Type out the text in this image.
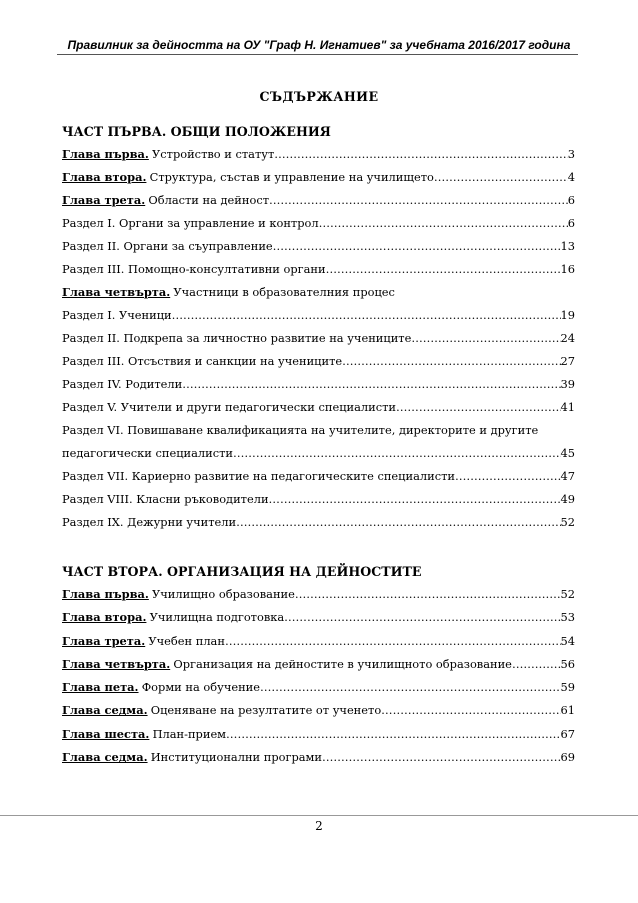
Правилник за дейността на ОУ "Граф Н. Игнатиев" за учебната 2016/2017 година
СЪДЪРЖАНИЕ
ЧАСТ ПЪРВА. ОБЩИ ПОЛОЖЕНИЯ
Глава първа. Устройство и статут …………………………………………………………………………………………………………………………………………………………	3
Глава втора. Структура, състав и управление на училището …………………………………………………………………………………………………………………………………………………………	4
Глава трета. Области на дейност …………………………………………………………………………………………………………………………………………………………	6
Раздел I. Органи за управление и контрол …………………………………………………………………………………………………………………………………………………………	6
Раздел II. Органи за съуправление …………………………………………………………………………………………………………………………………………………………	13
Раздел III. Помощно-консултативни органи …………………………………………………………………………………………………………………………………………………………	16
Глава четвърта. Участници в образователния процес
Раздел I. Ученици …………………………………………………………………………………………………………………………………………………………	19
Раздел II. Подкрепа за личностно развитие на учениците …………………………………………………………………………………………………………………………………………………………	24
Раздел III. Отсъствия и санкции на учениците …………………………………………………………………………………………………………………………………………………………	27
Раздел IV. Родители …………………………………………………………………………………………………………………………………………………………	39
Раздел V. Учители и други педагогически специалисти …………………………………………………………………………………………………………………………………………………………	41
Раздел VI. Повишаване квалификацията на учителите, директорите и другите
педагогически специалисти …………………………………………………………………………………………………………………………………………………………	45
Раздел VII. Кариерно развитие на педагогическите специалисти …………………………………………………………………………………………………………………………………………………………	47
Раздел VIII. Класни ръководители …………………………………………………………………………………………………………………………………………………………	49
Раздел IX. Дежурни учители …………………………………………………………………………………………………………………………………………………………	52
ЧАСТ ВТОРА. ОРГАНИЗАЦИЯ НА ДЕЙНОСТИТЕ
Глава първа. Училищно образование …………………………………………………………………………………………………………………………………………………………	52
Глава втора. Училищна подготовка …………………………………………………………………………………………………………………………………………………………	53
Глава трета. Учебен план …………………………………………………………………………………………………………………………………………………………	54
Глава четвърта. Организация на дейностите в училищното образование …………………………………………………………………………………………………………………………………………………………	56
Глава пета. Форми на обучение …………………………………………………………………………………………………………………………………………………………	59
Глава седма. Оценяване на резултатите от ученето …………………………………………………………………………………………………………………………………………………………	61
Глава шеста. План-прием …………………………………………………………………………………………………………………………………………………………	67
Глава седма. Институционални програми …………………………………………………………………………………………………………………………………………………………	69
2
